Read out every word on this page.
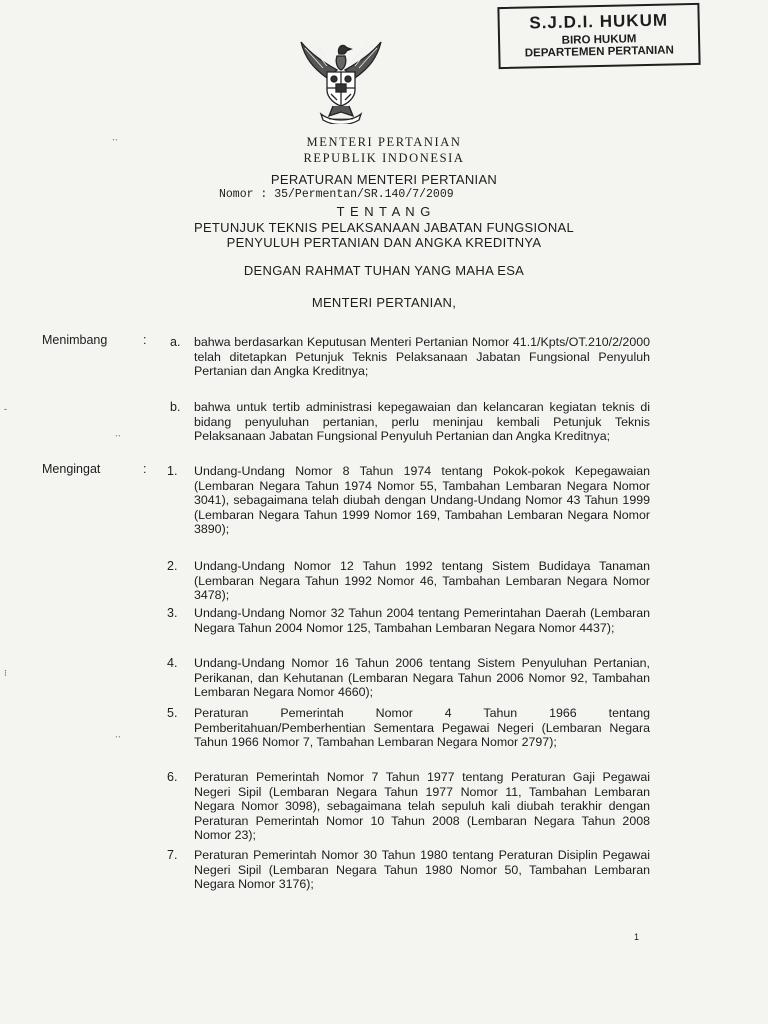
S.J.D.I. HUKUM
BIRO HUKUM
DEPARTEMEN PERTANIAN
MENTERI PERTANIAN
REPUBLIK INDONESIA
PERATURAN MENTERI PERTANIAN
Nomor : 35/Permentan/SR.140/7/2009
T E N T A N G
PETUNJUK TEKNIS PELAKSANAAN JABATAN FUNGSIONAL
PENYULUH PERTANIAN DAN ANGKA KREDITNYA
DENGAN RAHMAT TUHAN YANG MAHA ESA
MENTERI PERTANIAN,
Menimbang	: a. bahwa berdasarkan Keputusan Menteri Pertanian Nomor 41.1/Kpts/OT.210/2/2000 telah ditetapkan Petunjuk Teknis Pelaksanaan Jabatan Fungsional Penyuluh Pertanian dan Angka Kreditnya;

b. bahwa untuk tertib administrasi kepegawaian dan kelancaran kegiatan teknis di bidang penyuluhan pertanian, perlu meninjau kembali Petunjuk Teknis Pelaksanaan Jabatan Fungsional Penyuluh Pertanian dan Angka Kreditnya;

Mengingat	: 1. Undang-Undang Nomor 8 Tahun 1974 tentang Pokok-pokok Kepegawaian (Lembaran Negara Tahun 1974 Nomor 55, Tambahan Lembaran Negara Nomor 3041), sebagaimana telah diubah dengan Undang-Undang Nomor 43 Tahun 1999 (Lembaran Negara Tahun 1999 Nomor 169, Tambahan Lembaran Negara Nomor 3890);

2. Undang-Undang Nomor 12 Tahun 1992 tentang Sistem Budidaya Tanaman (Lembaran Negara Tahun 1992 Nomor 46, Tambahan Lembaran Negara Nomor 3478);

3. Undang-Undang Nomor 32 Tahun 2004 tentang Pemerintahan Daerah (Lembaran Negara Tahun 2004 Nomor 125, Tambahan Lembaran Negara Nomor 4437);

4. Undang-Undang Nomor 16 Tahun 2006 tentang Sistem Penyuluhan Pertanian, Perikanan, dan Kehutanan (Lembaran Negara Tahun 2006 Nomor 92, Tambahan Lembaran Negara Nomor 4660);

5. Peraturan Pemerintah Nomor 4 Tahun 1966 tentang Pemberitahuan/Pemberhentian Sementara Pegawai Negeri (Lembaran Negara Tahun 1966 Nomor 7, Tambahan Lembaran Negara Nomor 2797);

6. Peraturan Pemerintah Nomor 7 Tahun 1977 tentang Peraturan Gaji Pegawai Negeri Sipil (Lembaran Negara Tahun 1977 Nomor 11, Tambahan Lembaran Negara Nomor 3098), sebagaimana telah sepuluh kali diubah terakhir dengan Peraturan Pemerintah Nomor 10 Tahun 2008 (Lembaran Negara Tahun 2008 Nomor 23);

7. Peraturan Pemerintah Nomor 30 Tahun 1980 tentang Peraturan Disiplin Pegawai Negeri Sipil (Lembaran Negara Tahun 1980 Nomor 50, Tambahan Lembaran Negara Nomor 3176);

1
ˋˋ
-
ˋˋ
ˋˋ
⁝
